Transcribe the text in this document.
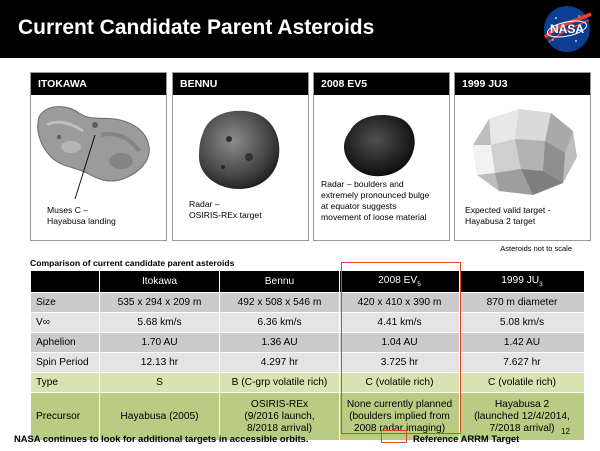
Current Candidate Parent Asteroids	NASA
ITOKAWA
Muses C –
Hayabusa landing
BENNU
Radar –
OSIRIS-REx target
2008 EV5
Radar – boulders and
extremely pronounced bulge
at equator suggests
movement of loose material
1999 JU3
Expected valid target -
Hayabusa 2 target
Asteroids not to scale
Comparison of current candidate parent asteroids
	Itokawa	Bennu	2008 $EV_5$	1999 $JU_3$
Size	535 x 294 x 209 m	492 x 508 x 546 m	420 x 410 x 390 m	870 m diameter
V∞	5.68 km/s	6.36 km/s	4.41 km/s	5.08 km/s
Aphelion	1.70 AU	1.36 AU	1.04 AU	1.42 AU
Spin Period	12.13 hr	4.297 hr	3.725 hr	7.627 hr
Type	S	B (C-grp volatile rich)	C (volatile rich)	C (volatile rich)
Precursor	Hayabusa (2005)	OSIRIS-REx
(9/2016 launch,
8/2018 arrival)	None currently planned
(boulders implied from
2008 radar imaging)	Hayabusa 2
(launched 12/4/2014,
7/2018 arrival)
NASA continues to look for additional targets in accessible orbits.	Reference ARRM Target
12
